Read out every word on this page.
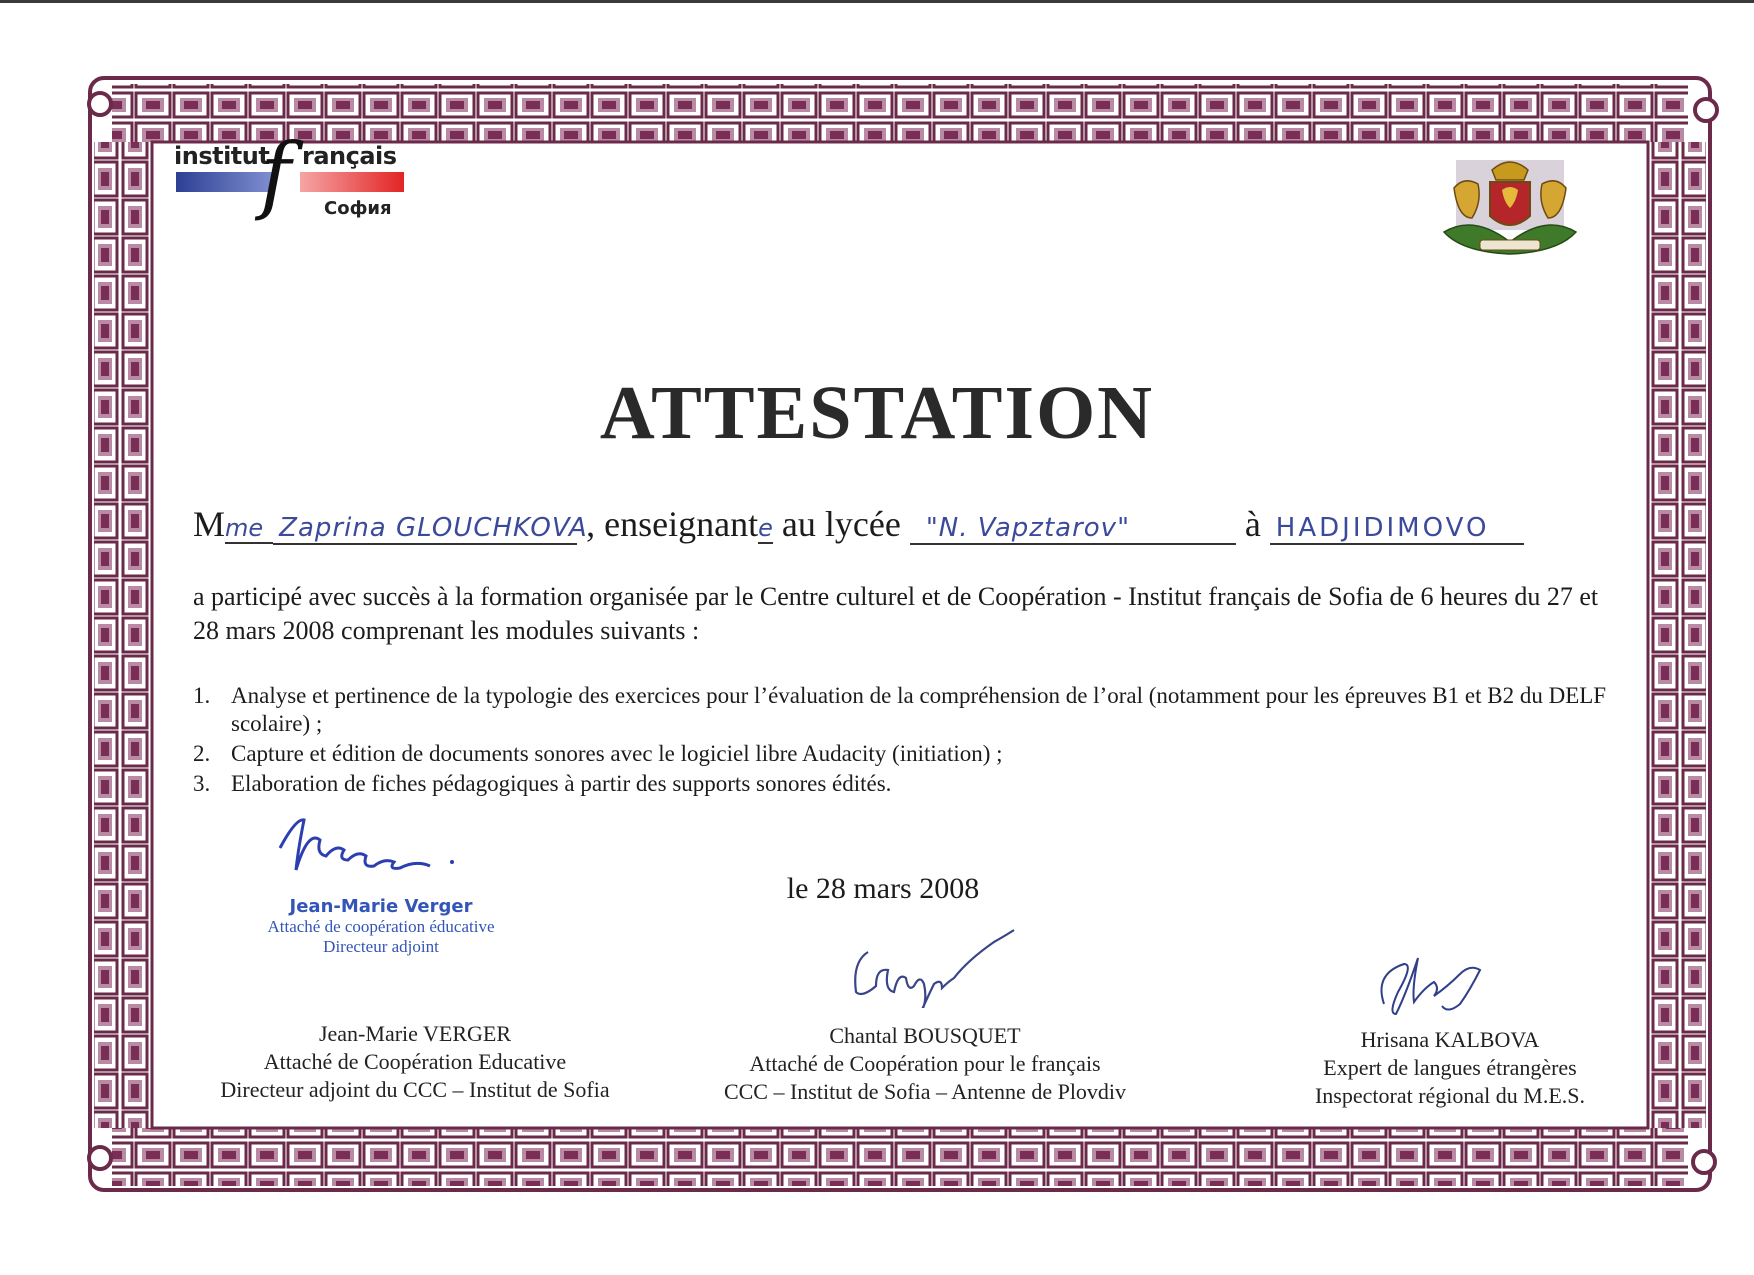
institut
f rançais
София
ATTESTATION
Mme Zaprina GLOUCHKOVA , enseignante au lycée "N. Vapztarov"	à HADJIDIMOVO
a participé avec succès à la formation organisée par le Centre culturel et de Coopération - Institut français de Sofia de 6 heures du 27 et 28 mars 2008 comprenant les modules suivants :
1. Analyse et pertinence de la typologie des exercices pour l’évaluation de la compréhension de l’oral (notamment pour les épreuves B1 et B2 du DELF scolaire) ;
2. Capture et édition de documents sonores avec le logiciel libre Audacity (initiation) ;
3. Elaboration de fiches pédagogiques à partir des supports sonores édités.
le 28 mars 2008
Jean-Marie Verger
Attaché de coopération éducative
Directeur adjoint
Jean-Marie VERGER
Attaché de Coopération Educative
Directeur adjoint du CCC – Institut de Sofia
Chantal BOUSQUET
Attaché de Coopération pour le français
CCC – Institut de Sofia – Antenne de Plovdiv
Hrisana KALBOVA
Expert de langues étrangères
Inspectorat régional du M.E.S.
